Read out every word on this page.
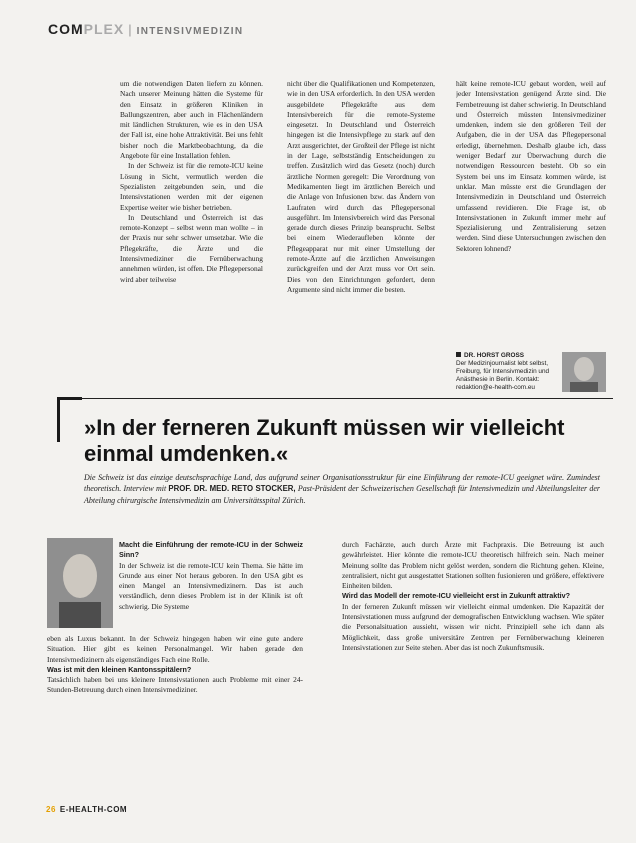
COMPLEX | INTENSIVMEDIZIN

um die notwendigen Daten liefern zu können. Nach unserer Meinung hätten die Systeme für den Einsatz in größeren Kliniken in Ballungszentren, aber auch in Flächenländern mit ländlichen Strukturen, wie es in den USA der Fall ist, eine hohe Attraktivität. Bei uns fehlt bisher noch die Marktbeobachtung, da die Angebote für eine Installation fehlen.

In der Schweiz ist für die remote-ICU keine Lösung in Sicht, vermutlich werden die Spezialisten zeitgebunden sein, und die Intensivstationen werden mit der eigenen Expertise weiter wie bisher betrieben.

In Deutschland und Österreich ist das remote-Konzept – selbst wenn man wollte – in der Praxis nur sehr schwer umsetzbar. Wie die Pflegekräfte, die Ärzte und die Intensivmediziner die Fernüberwachung annehmen würden, ist offen. Die Pflegepersonal wird aber teilweise

nicht über die Qualifikationen und Kompetenzen, wie in den USA erforderlich. In den USA werden ausgebildete Pflegekräfte aus dem Intensivbereich für die remote-Systeme eingesetzt. In Deutschland und Österreich hingegen ist die Intensivpflege zu stark auf den Arzt ausgerichtet, der Großteil der Pflege ist nicht in der Lage, selbstständig Entscheidungen zu treffen. Zusätzlich wird das Gesetz (noch) durch ärztliche Normen geregelt: Die Verordnung von Medikamenten liegt im ärztlichen Bereich und die Anlage von Infusionen bzw. das Ändern von Laufraten wird durch das Pflegepersonal ausgeführt. Im Intensivbereich wird das Personal gerade durch dieses Prinzip beansprucht. Selbst bei einem Wiederaufleben könnte der Pflegeapparat nur mit einer Umstellung der remote-Ärzte auf die ärztlichen Anweisungen zurückgreifen und der Arzt muss vor Ort sein. Dies von den Einrichtungen gefordert, denn Argumente sind nicht immer die besten.

hält keine remote-ICU gebaut worden, weil auf jeder Intensivstation genügend Ärzte sind. Die Fernbetreuung ist daher schwierig. In Deutschland und Österreich müssten Intensivmediziner umdenken, indem sie den größeren Teil der Aufgaben, die in der USA das Pflegepersonal erledigt, übernehmen. Deshalb glaube ich, dass weniger Bedarf zur Überwachung durch die notwendigen Ressourcen besteht. Ob so ein System bei uns im Einsatz kommen würde, ist unklar. Man müsste erst die Grundlagen der Intensivmedizin in Deutschland und Österreich umfassend revidieren. Die Frage ist, ob Intensivstationen in Zukunft immer mehr auf Spezialisierung und Zentralisierung setzen werden. Sind diese Untersuchungen zwischen den Sektoren lohnend?

DR. HORST GROSS
Der Medizinjournalist lebt selbst, Freiburg, für Intensivmedizin und Anästhesie in Berlin. Kontakt: redaktion@e-health-com.eu
»In der ferneren Zukunft müssen wir vielleicht einmal umdenken.«
Die Schweiz ist das einzige deutschsprachige Land, das aufgrund seiner Organisationsstruktur für eine Einführung der remote-ICU geeignet wäre. Zumindest theoretisch. Interview mit PROF. DR. MED. RETO STOCKER, Past-Präsident der Schweizerischen Gesellschaft für Intensivmedizin und Abteilungsleiter der Abteilung chirurgische Intensivmedizin am Universitätsspital Zürich.

Macht die Einführung der remote-ICU in der Schweiz Sinn?

In der Schweiz ist die remote-ICU kein Thema. Sie hätte im Grunde aus einer Not heraus geboren. In den USA gibt es einen Mangel an Intensivmedizinern. Das ist auch verständlich, denn dieses Problem ist in der Klinik ist oft schwierig. Die Systeme

eben als Luxus bekannt. In der Schweiz hingegen haben wir eine gute andere Situation. Hier gibt es keinen Personalmangel. Wir haben gerade den Intensivmedizinern als eigenständiges Fach eine Rolle.

Was ist mit den kleinen Kantonsspitälern?

Tatsächlich haben bei uns kleinere Intensivstationen auch Probleme mit einer 24-Stunden-Betreuung durch einen Intensivmediziner.

durch Fachärzte, auch durch Ärzte mit Fachpraxis. Die Betreuung ist auch gewährleistet. Hier könnte die remote-ICU theoretisch hilfreich sein. Nach meiner Meinung sollte das Problem nicht gelöst werden, sondern die Richtung gehen. Kleine, zentralisiert, nicht gut ausgestattet Stationen sollten fusionieren und größere, effektivere Einheiten bilden.

Wird das Modell der remote-ICU vielleicht erst in Zukunft attraktiv?

In der ferneren Zukunft müssen wir vielleicht einmal umdenken. Die Kapazität der Intensivstationen muss aufgrund der demografischen Entwicklung wachsen. Wie später die Personalsituation aussieht, wissen wir nicht. Prinzipiell sehe ich dann als Möglichkeit, dass große universitäre Zentren per Fernüberwachung kleineren Intensivstationen zur Seite stehen. Aber das ist noch Zukunftsmusik.

26 E-HEALTH-COM
